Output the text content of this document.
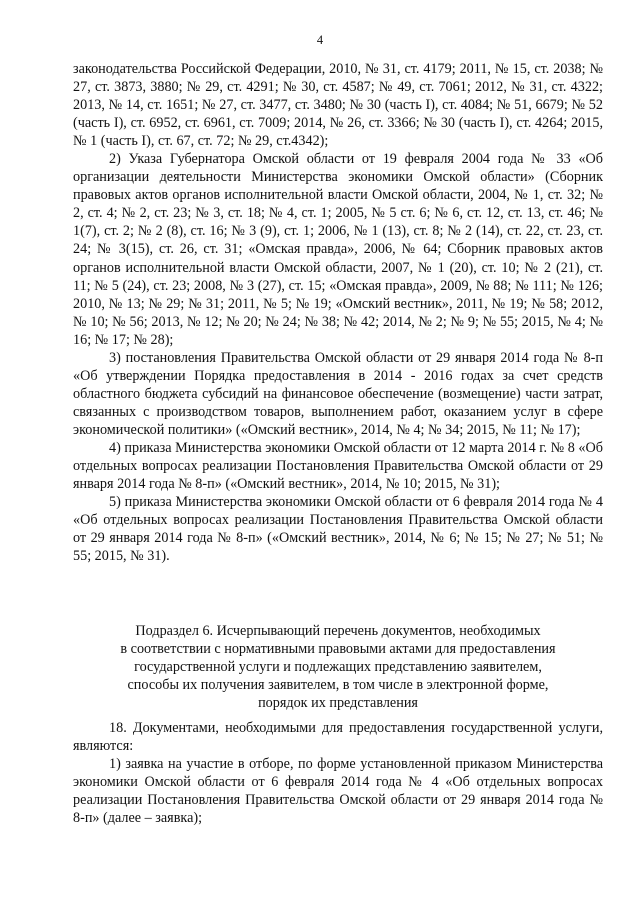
4

законодательства Российской Федерации, 2010, № 31, ст. 4179; 2011, № 15, ст. 2038; № 27, ст. 3873, 3880; № 29, ст. 4291; № 30, ст. 4587; № 49, ст. 7061; 2012, № 31, ст. 4322; 2013, № 14, ст. 1651; № 27, ст. 3477, ст. 3480; № 30 (часть I), ст. 4084; № 51, 6679; № 52 (часть I), ст. 6952, ст. 6961, ст. 7009; 2014, № 26, ст. 3366; № 30 (часть I), ст. 4264; 2015, № 1 (часть I), ст. 67, ст. 72; № 29, ст.4342);

2) Указа Губернатора Омской области от 19 февраля 2004 года № 33 «Об организации деятельности Министерства экономики Омской области» (Сборник правовых актов органов исполнительной власти Омской области, 2004, № 1, ст. 32; № 2, ст. 4; № 2, ст. 23; № 3, ст. 18; № 4, ст. 1; 2005, № 5 ст. 6; № 6, ст. 12, ст. 13, ст. 46; № 1(7), ст. 2; № 2 (8), ст. 16; № 3 (9), ст. 1; 2006, № 1 (13), ст. 8; № 2 (14), ст. 22, ст. 23, ст. 24; № 3(15), ст. 26, ст. 31; «Омская правда», 2006, № 64; Сборник правовых актов органов исполнительной власти Омской области, 2007, № 1 (20), ст. 10; № 2 (21), ст. 11; № 5 (24), ст. 23; 2008, № 3 (27), ст. 15; «Омская правда», 2009, № 88; № 111; № 126; 2010, № 13; № 29; № 31; 2011, № 5; № 19; «Омский вестник», 2011, № 19; № 58; 2012, № 10; № 56; 2013, № 12; № 20; № 24; № 38; № 42; 2014, № 2; № 9; № 55; 2015, № 4; № 16; № 17; № 28);

3) постановления Правительства Омской области от 29 января 2014 года № 8-п «Об утверждении Порядка предоставления в 2014 - 2016 годах за счет средств областного бюджета субсидий на финансовое обеспечение (возмещение) части затрат, связанных с производством товаров, выполнением работ, оказанием услуг в сфере экономической политики» («Омский вестник», 2014, № 4; № 34; 2015, № 11; № 17);

4) приказа Министерства экономики Омской области от 12 марта 2014 г. № 8 «Об отдельных вопросах реализации Постановления Правительства Омской области от 29 января 2014 года № 8-п» («Омский вестник», 2014, № 10; 2015, № 31);

5) приказа Министерства экономики Омской области от 6 февраля 2014 года № 4 «Об отдельных вопросах реализации Постановления Правительства Омской области от 29 января 2014 года № 8-п» («Омский вестник», 2014, № 6; № 15; № 27; № 51; № 55; 2015, № 31).

Подраздел 6. Исчерпывающий перечень документов, необходимых
в соответствии с нормативными правовыми актами для предоставления
государственной услуги и подлежащих представлению заявителем,
способы их получения заявителем, в том числе в электронной форме,
порядок их представления

18. Документами, необходимыми для предоставления государственной услуги, являются:

1) заявка на участие в отборе, по форме установленной приказом Министерства экономики Омской области от 6 февраля 2014 года № 4 «Об отдельных вопросах реализации Постановления Правительства Омской области от 29 января 2014 года № 8-п» (далее – заявка);
